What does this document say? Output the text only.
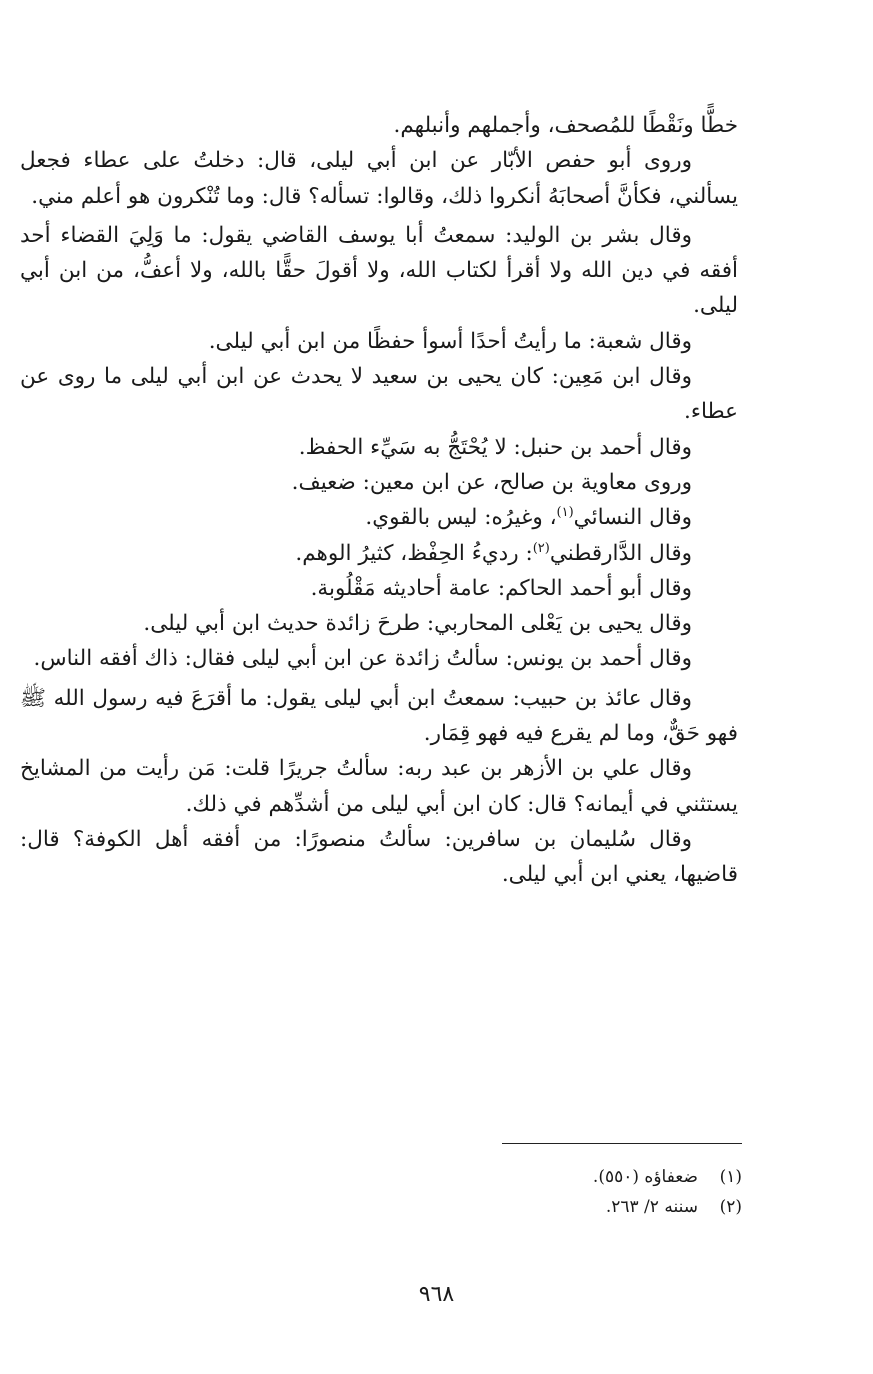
خطًّا ونَقْطًا للمُصحف، وأجملهم وأنبلهم.

وروى أبو حفص الأبّار عن ابن أبي ليلى، قال: دخلتُ على عطاء فجعل يسألني، فكأنَّ أصحابَهُ أنكروا ذلك، وقالوا: تسأله؟ قال: وما تُنْكرون هو أعلم مني.

وقال بشر بن الوليد: سمعتُ أبا يوسف القاضي يقول: ما وَلِيَ القضاء أحد أفقه في دين الله ولا أقرأ لكتاب الله، ولا أقولَ حقًّا بالله، ولا أعفُّ، من ابن أبي ليلى.

وقال شعبة: ما رأيتُ أحدًا أسوأ حفظًا من ابن أبي ليلى.

وقال ابن مَعِين: كان يحيى بن سعيد لا يحدث عن ابن أبي ليلى ما روى عن عطاء.

وقال أحمد بن حنبل: لا يُحْتَجُّ به سَيِّء الحفظ.

وروى معاوية بن صالح، عن ابن معين: ضعيف.

وقال النسائي$^{(١)}$، وغيرُه: ليس بالقوي.

وقال الدَّارقطني$^{(٢)}$: رديءُ الحِفْظ، كثيرُ الوهم.

وقال أبو أحمد الحاكم: عامة أحاديثه مَقْلُوبة.

وقال يحيى بن يَعْلى المحاربي: طرحَ زائدة حديث ابن أبي ليلى.

وقال أحمد بن يونس: سألتُ زائدة عن ابن أبي ليلى فقال: ذاك أفقه الناس.

وقال عائذ بن حبيب: سمعتُ ابن أبي ليلى يقول: ما أقرَعَ فيه رسول الله ﷺ فهو حَقٌّ، وما لم يقرع فيه فهو قِمَار.

وقال علي بن الأزهر بن عبد ربه: سألتُ جريرًا قلت: مَن رأيت من المشايخ يستثني في أيمانه؟ قال: كان ابن أبي ليلى من أشدِّهم في ذلك.

وقال سُليمان بن سافرين: سألتُ منصورًا: من أفقه أهل الكوفة؟ قال: قاضيها، يعني ابن أبي ليلى.

(١)    ضعفاؤه (٥٥٠).

(٢)    سننه ٢/ ٢٦٣.

٩٦٨
